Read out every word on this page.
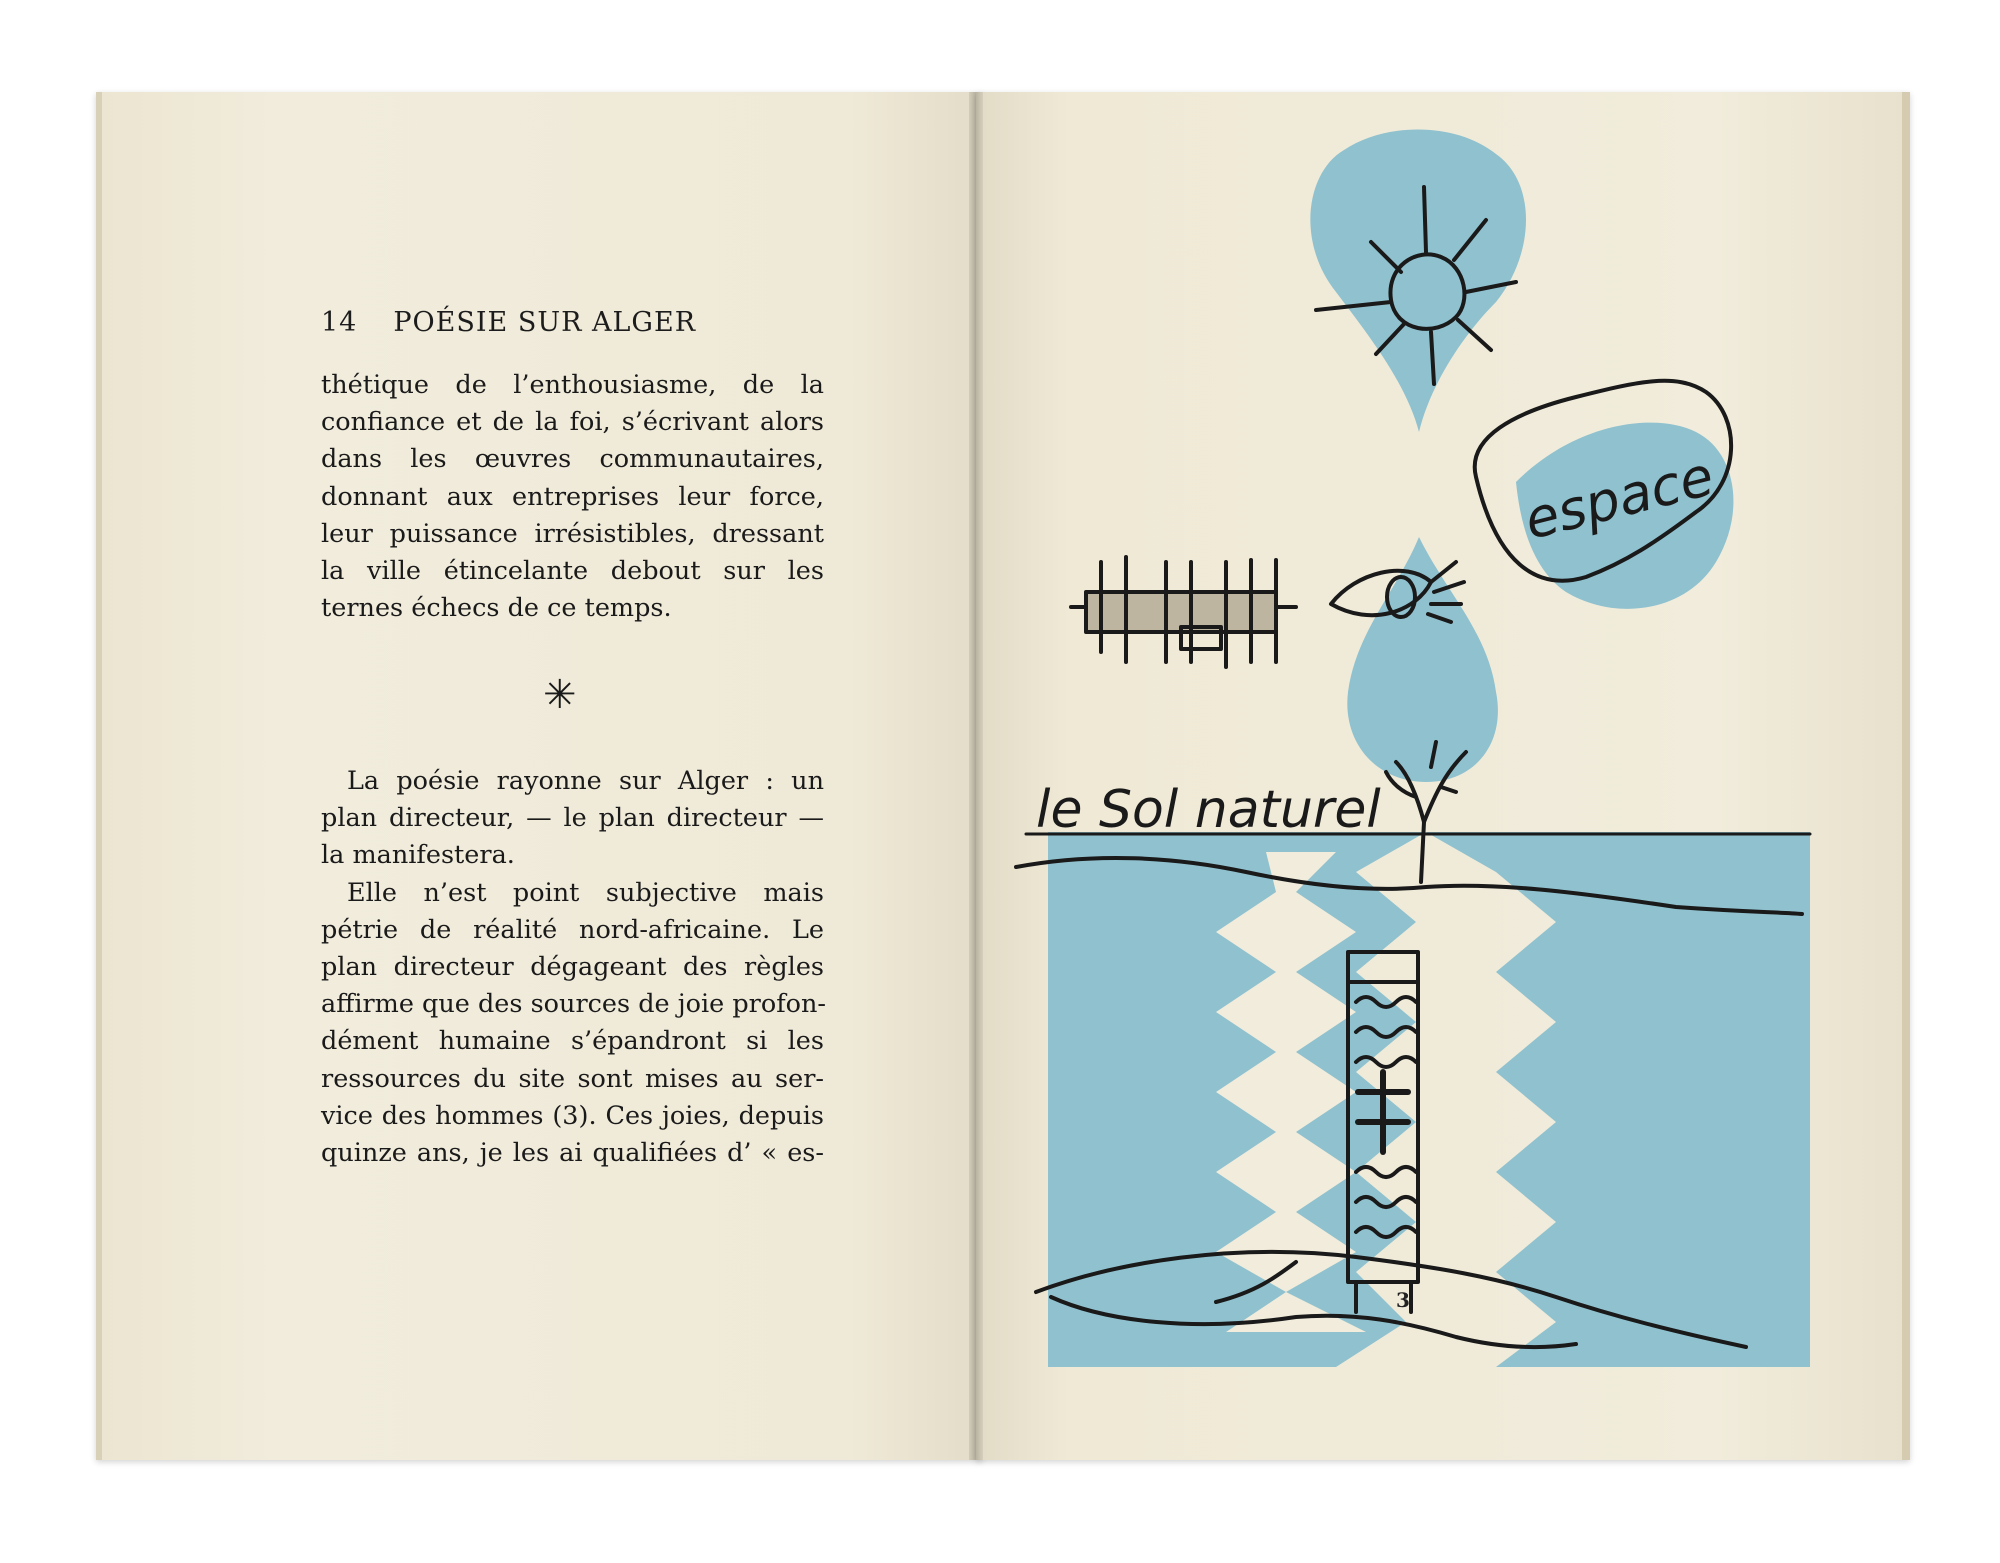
espace
le Sol naturel
14 POÉSIE SUR ALGER
thétique de l’enthousiasme, de la
confiance et de la foi, s’écrivant alors
dans les œuvres communautaires,
donnant aux entreprises leur force,
leur puissance irrésistibles, dressant
la ville étincelante debout sur les
ternes échecs de ce temps.
✳
La poésie rayonne sur Alger : un
plan directeur, — le plan directeur —
la manifestera.
Elle n’est point subjective mais
pétrie de réalité nord-africaine. Le
plan directeur dégageant des règles
affirme que des sources de joie profon-
dément humaine s’épandront si les
ressources du site sont mises au ser-
vice des hommes (3). Ces joies, depuis
quinze ans, je les ai qualifiées d’ « es-
3
